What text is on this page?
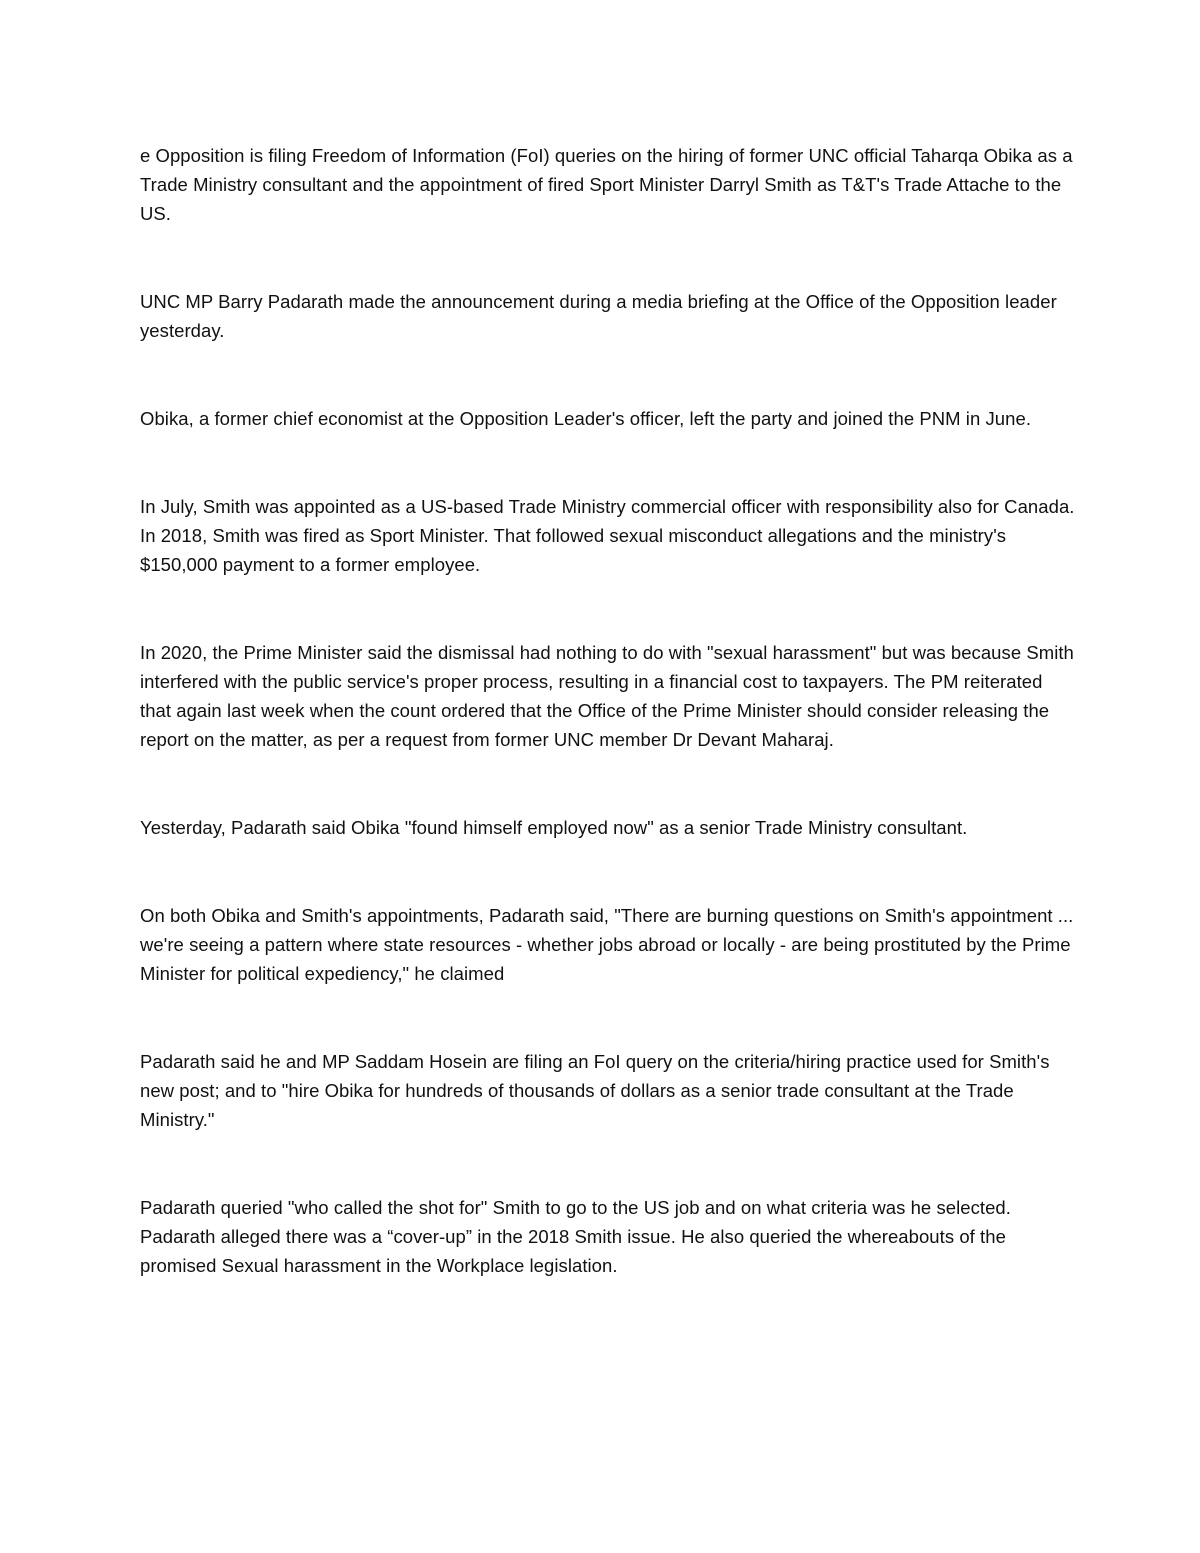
e Opposition is filing Freedom of Information (FoI) queries on the hiring of former UNC official Taharqa Obika as a Trade Ministry consultant and the appointment of fired Sport Minister Darryl Smith as T&T's Trade Attache to the US.

UNC MP Barry Padarath made the announcement during a media briefing at the Office of the Opposition leader yesterday.

Obika, a former chief economist at the Opposition Leader's officer, left the party and joined the PNM in June.

In July, Smith was appointed as a US-based Trade Ministry commercial officer with responsibility also for Canada. In 2018, Smith was fired as Sport Minister. That followed sexual misconduct allegations and the ministry's $150,000 payment to a former employee.

In 2020, the Prime Minister said the dismissal had nothing to do with "sexual harassment" but was because Smith interfered with the public service's proper process, resulting in a financial cost to taxpayers. The PM reiterated that again last week when the count ordered that the Office of the Prime Minister should consider releasing the report on the matter, as per a request from former UNC member Dr Devant Maharaj.

Yesterday, Padarath said Obika "found himself employed now" as a senior Trade Ministry consultant.

On both Obika and Smith's appointments, Padarath said, "There are burning questions on Smith's appointment ... we're seeing a pattern where state resources - whether jobs abroad or locally - are being prostituted by the Prime Minister for political expediency," he claimed

Padarath said he and MP Saddam Hosein are filing an FoI query on the criteria/hiring practice used for Smith's new post; and to "hire Obika for hundreds of thousands of dollars as a senior trade consultant at the Trade Ministry."

Padarath queried "who called the shot for" Smith to go to the US job and on what criteria was he selected. Padarath alleged there was a “cover-up” in the 2018 Smith issue. He also queried the whereabouts of the promised Sexual harassment in the Workplace legislation.
